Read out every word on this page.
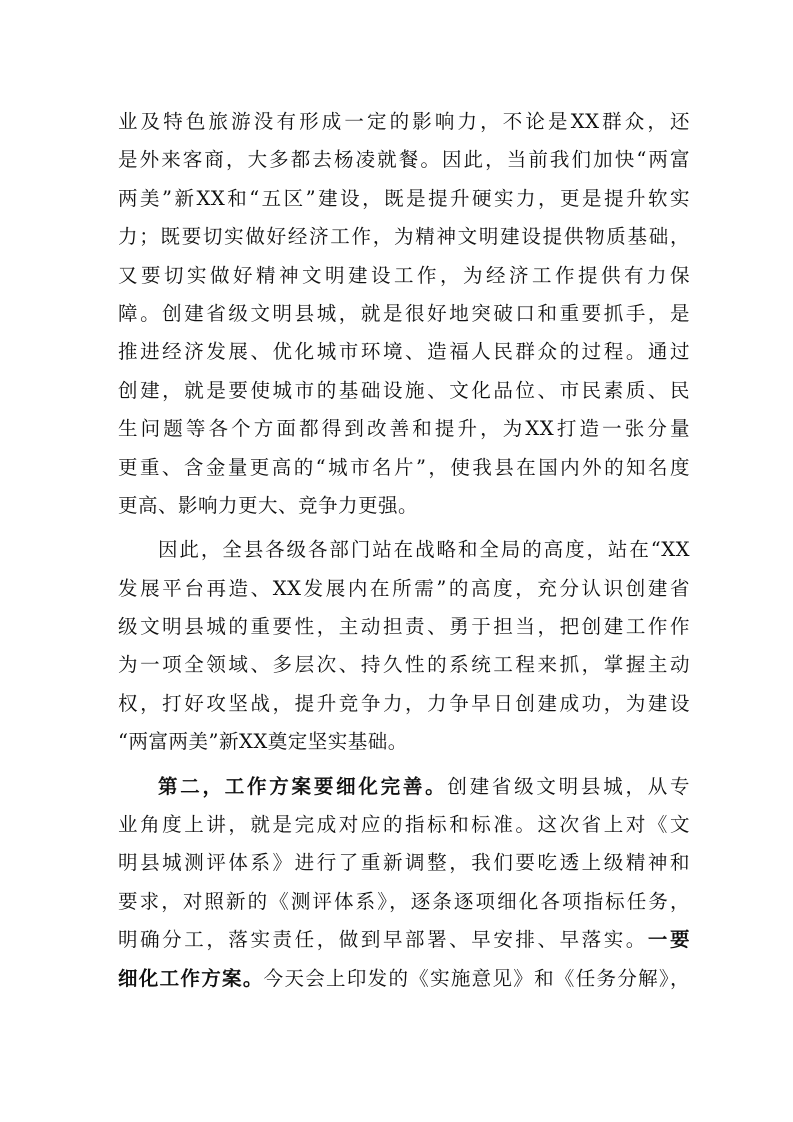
业及特色旅游没有形成一定的影响力，不论是XX群众，还
是外来客商，大多都去杨凌就餐。因此，当前我们加快“两富
两美”新XX和“五区”建设，既是提升硬实力，更是提升软实
力；既要切实做好经济工作，为精神文明建设提供物质基础，
又要切实做好精神文明建设工作，为经济工作提供有力保
障。创建省级文明县城，就是很好地突破口和重要抓手，是
推进经济发展、优化城市环境、造福人民群众的过程。通过
创建，就是要使城市的基础设施、文化品位、市民素质、民
生问题等各个方面都得到改善和提升，为XX打造一张分量
更重、含金量更高的“城市名片”，使我县在国内外的知名度
更高、影响力更大、竞争力更强。
因此，全县各级各部门站在战略和全局的高度，站在“XX
发展平台再造、XX发展内在所需”的高度，充分认识创建省
级文明县城的重要性，主动担责、勇于担当，把创建工作作
为一项全领域、多层次、持久性的系统工程来抓，掌握主动
权，打好攻坚战，提升竞争力，力争早日创建成功，为建设
“两富两美”新XX奠定坚实基础。
第二，工作方案要细化完善。创建省级文明县城，从专
业角度上讲，就是完成对应的指标和标准。这次省上对《文
明县城测评体系》进行了重新调整，我们要吃透上级精神和
要求，对照新的《测评体系》，逐条逐项细化各项指标任务，
明确分工，落实责任，做到早部署、早安排、早落实。一要
细化工作方案。今天会上印发的《实施意见》和《任务分解》，
